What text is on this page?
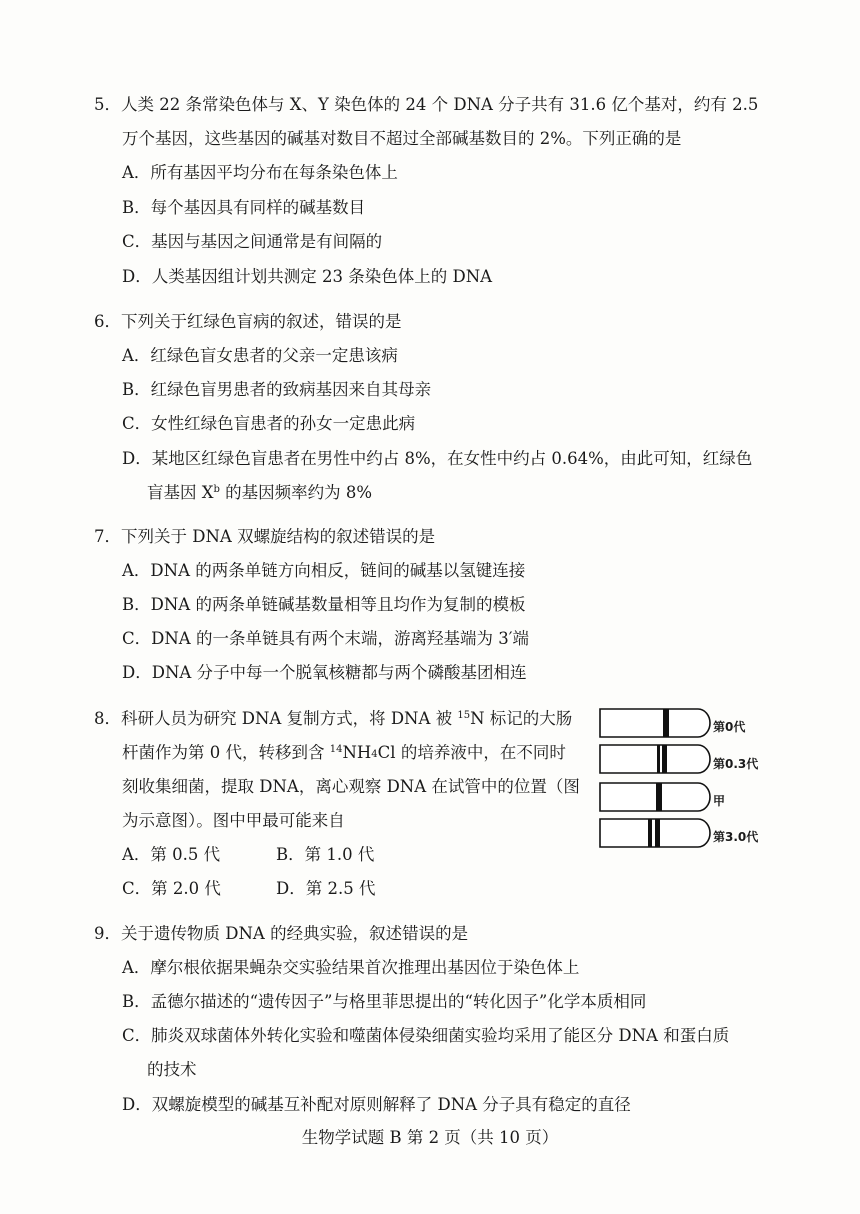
5．人类 22 条常染色体与 X、Y 染色体的 24 个 DNA 分子共有 31.6 亿个基对，约有 2.5
万个基因，这些基因的碱基对数目不超过全部碱基数目的 2%。下列正确的是
A．所有基因平均分布在每条染色体上
B．每个基因具有同样的碱基数目
C．基因与基因之间通常是有间隔的
D．人类基因组计划共测定 23 条染色体上的 DNA
6．下列关于红绿色盲病的叙述，错误的是
A．红绿色盲女患者的父亲一定患该病
B．红绿色盲男患者的致病基因来自其母亲
C．女性红绿色盲患者的孙女一定患此病
D．某地区红绿色盲患者在男性中约占 8%，在女性中约占 0.64%，由此可知，红绿色
盲基因 $X^b$ 的基因频率约为 8%
7．下列关于 DNA 双螺旋结构的叙述错误的是
A．DNA 的两条单链方向相反，链间的碱基以氢键连接
B．DNA 的两条单链碱基数量相等且均作为复制的模板
C．DNA 的一条单链具有两个末端，游离羟基端为 3′端
D．DNA 分子中每一个脱氧核糖都与两个磷酸基团相连
8．科研人员为研究 DNA 复制方式，将 DNA 被 $^{15}$N 标记的大肠
杆菌作为第 0 代，转移到含 $^{14}NH_4Cl$ 的培养液中，在不同时
刻收集细菌，提取 DNA，离心观察 DNA 在试管中的位置（图
为示意图）。图中甲最可能来自
A．第 0.5 代	B．第 1.0 代
C．第 2.0 代	D．第 2.5 代
第0代
第0.3代
甲
第3.0代
9．关于遗传物质 DNA 的经典实验，叙述错误的是
A．摩尔根依据果蝇杂交实验结果首次推理出基因位于染色体上
B．孟德尔描述的“遗传因子”与格里菲思提出的“转化因子”化学本质相同
C．肺炎双球菌体外转化实验和噬菌体侵染细菌实验均采用了能区分 DNA 和蛋白质
的技术
D．双螺旋模型的碱基互补配对原则解释了 DNA 分子具有稳定的直径
生物学试题 B 第 2 页（共 10 页）
